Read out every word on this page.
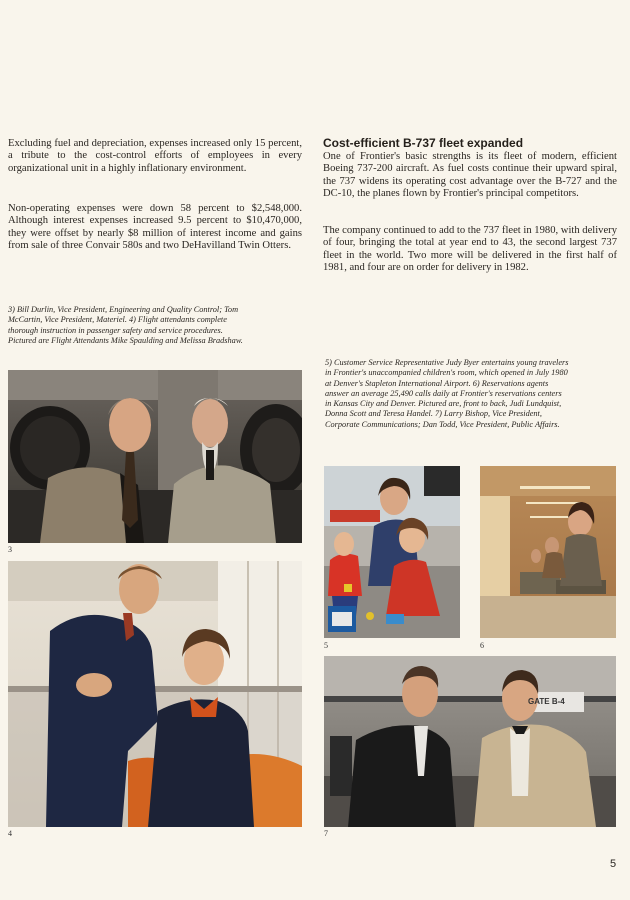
Excluding fuel and depreciation, expenses increased only 15 percent, a tribute to the cost-control efforts of employees in every organizational unit in a highly inflationary environment.

Non-operating expenses were down 58 percent to $2,548,000. Although interest expenses increased 9.5 percent to $10,470,000, they were offset by nearly $8 million of interest income and gains from sale of three Convair 580s and two DeHavilland Twin Otters.

Cost-efficient B-737 fleet expanded

One of Frontier's basic strengths is its fleet of modern, efficient Boeing 737-200 aircraft. As fuel costs continue their upward spiral, the 737 widens its operating cost advantage over the B-727 and the DC-10, the planes flown by Frontier's principal competitors.

The company continued to add to the 737 fleet in 1980, with delivery of four, bringing the total at year end to 43, the second largest 737 fleet in the world. Two more will be delivered in the first half of 1981, and four are on order for delivery in 1982.

3) Bill Durlin, Vice President, Engineering and Quality Control; Tom McCartin, Vice President, Materiel. 4) Flight attendants complete thorough instruction in passenger safety and service procedures. Pictured are Flight Attendants Mike Spaulding and Melissa Bradshaw.

5) Customer Service Representative Judy Byer entertains young travelers in Frontier's unaccompanied children's room, which opened in July 1980 at Denver's Stapleton International Airport. 6) Reservations agents answer an average 25,490 calls daily at Frontier's reservations centers in Kansas City and Denver. Pictured are, front to back, Judi Lundquist, Donna Scott and Teresa Handel. 7) Larry Bishop, Vice President, Corporate Communications; Dan Todd, Vice President, Public Affairs.

3
4
5	6
GATE B-4
7
5
